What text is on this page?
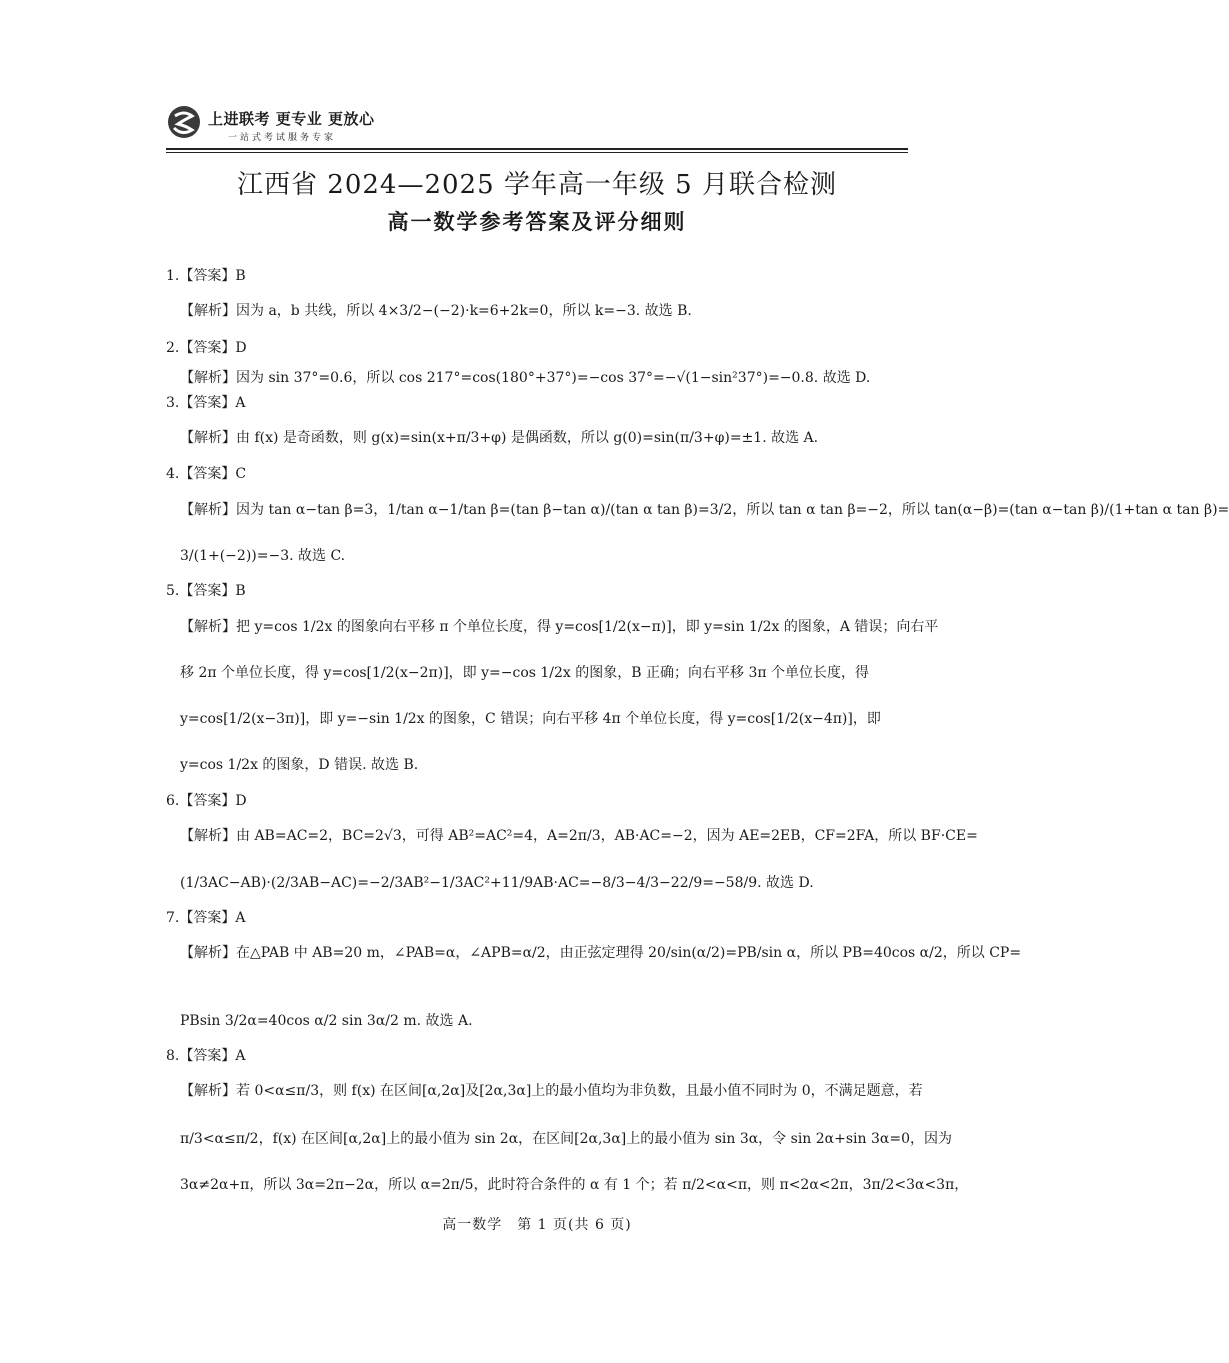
上进联考 更专业 更放心
一站式考试服务专家
江西省 2024—2025 学年高一年级 5 月联合检测
高一数学参考答案及评分细则
1.【答案】B
【解析】因为 a，b 共线，所以 4×3/2−(−2)·k=6+2k=0，所以 k=−3. 故选 B.
2.【答案】D
【解析】因为 sin 37°=0.6，所以 cos 217°=cos(180°+37°)=−cos 37°=−√(1−sin²37°)=−0.8. 故选 D.
3.【答案】A
【解析】由 f(x) 是奇函数，则 g(x)=sin(x+π/3+φ) 是偶函数，所以 g(0)=sin(π/3+φ)=±1. 故选 A.
4.【答案】C
【解析】因为 tan α−tan β=3，1/tan α−1/tan β=(tan β−tan α)/(tan α tan β)=3/2，所以 tan α tan β=−2，所以 tan(α−β)=(tan α−tan β)/(1+tan α tan β)=
3/(1+(−2))=−3. 故选 C.
5.【答案】B
【解析】把 y=cos 1/2x 的图象向右平移 π 个单位长度，得 y=cos[1/2(x−π)]，即 y=sin 1/2x 的图象，A 错误；向右平
移 2π 个单位长度，得 y=cos[1/2(x−2π)]，即 y=−cos 1/2x 的图象，B 正确；向右平移 3π 个单位长度，得
y=cos[1/2(x−3π)]，即 y=−sin 1/2x 的图象，C 错误；向右平移 4π 个单位长度，得 y=cos[1/2(x−4π)]，即
y=cos 1/2x 的图象，D 错误. 故选 B.
6.【答案】D
【解析】由 AB=AC=2，BC=2√3，可得 AB²=AC²=4，A=2π/3，AB·AC=−2，因为 AE=2EB，CF=2FA，所以 BF·CE=
(1/3AC−AB)·(2/3AB−AC)=−2/3AB²−1/3AC²+11/9AB·AC=−8/3−4/3−22/9=−58/9. 故选 D.
7.【答案】A
【解析】在△PAB 中 AB=20 m，∠PAB=α，∠APB=α/2，由正弦定理得 20/sin(α/2)=PB/sin α，所以 PB=40cos α/2，所以 CP=
PBsin 3/2α=40cos α/2 sin 3α/2 m. 故选 A.
8.【答案】A
【解析】若 0<α≤π/3，则 f(x) 在区间[α,2α]及[2α,3α]上的最小值均为非负数，且最小值不同时为 0，不满足题意，若
π/3<α≤π/2，f(x) 在区间[α,2α]上的最小值为 sin 2α，在区间[2α,3α]上的最小值为 sin 3α，令 sin 2α+sin 3α=0，因为
3α≠2α+π，所以 3α=2π−2α，所以 α=2π/5，此时符合条件的 α 有 1 个；若 π/2<α<π，则 π<2α<2π，3π/2<3α<3π，
高一数学　第 1 页(共 6 页)
